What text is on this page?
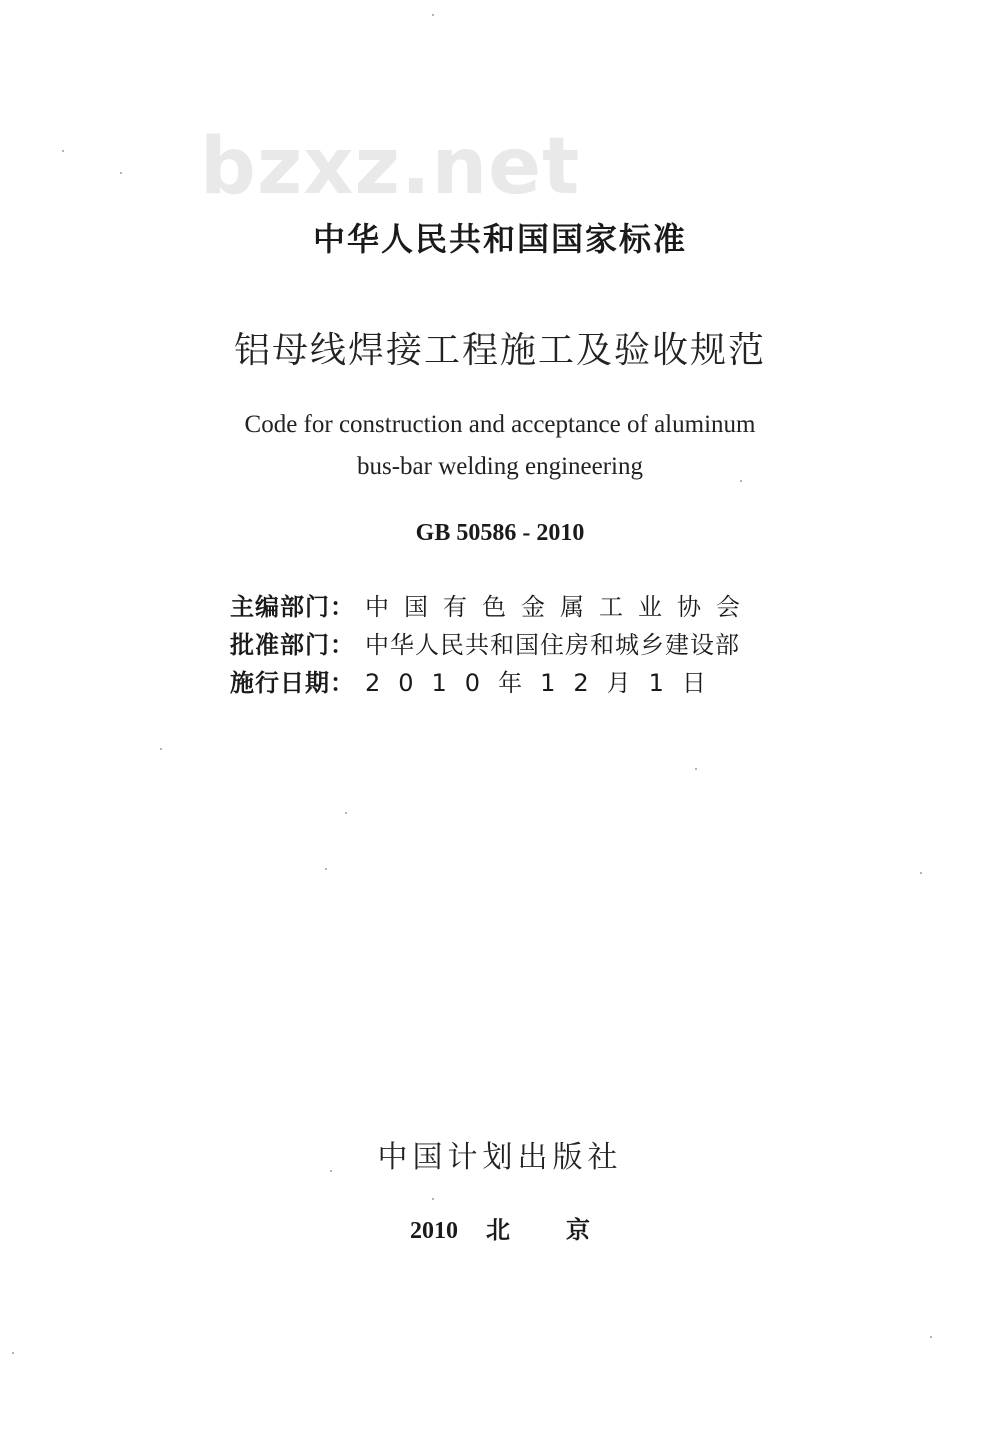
bzxz.net
中华人民共和国国家标准
铝母线焊接工程施工及验收规范
Code for construction and acceptance of aluminum
bus-bar welding engineering
GB 50586 - 2010
主编部门： 中国有色金属工业协会
批准部门： 中华人民共和国住房和城乡建设部
施行日期： 2010年12月1日
中国计划出版社
2010 北 京
